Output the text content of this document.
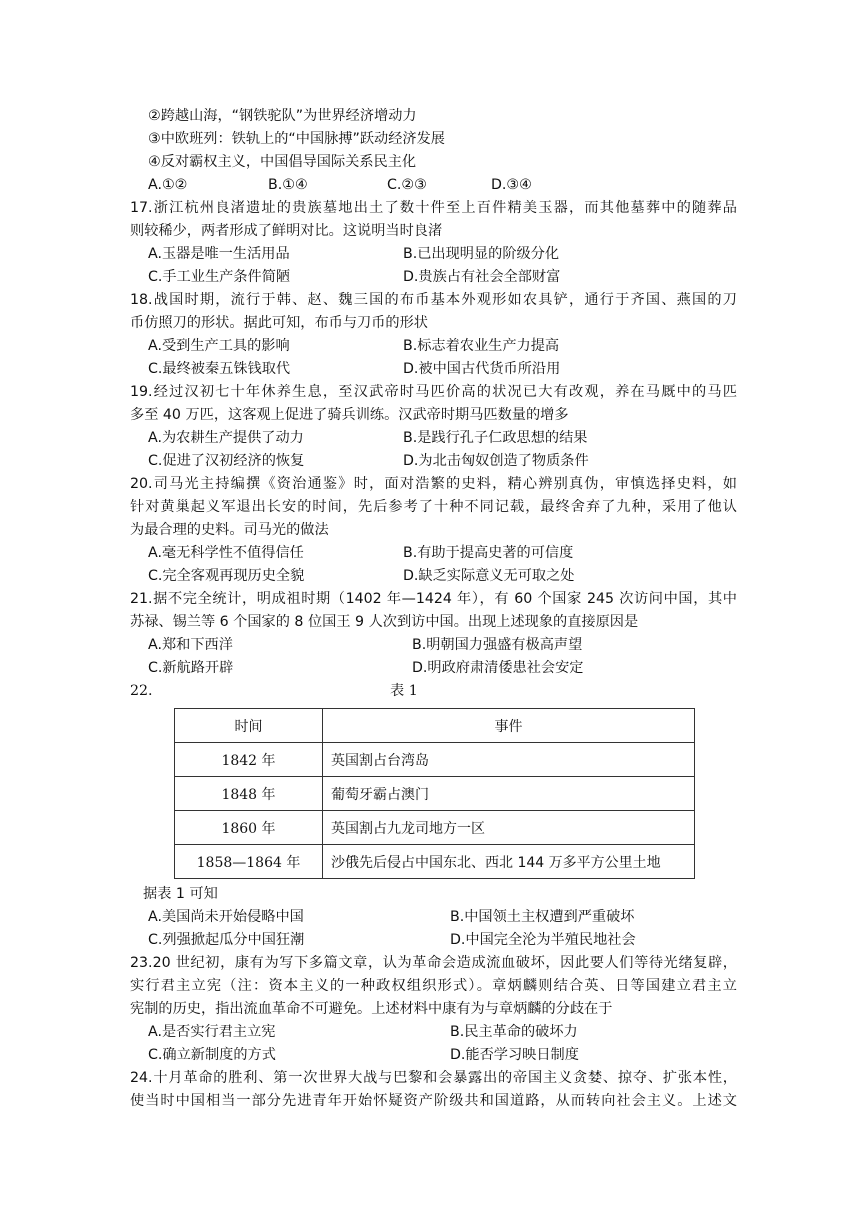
②跨越山海，“钢铁驼队”为世界经济增动力
③中欧班列：铁轨上的“中国脉搏”跃动经济发展
④反对霸权主义，中国倡导国际关系民主化
A.①②	B.①④	C.②③	D.③④
17.浙江杭州良渚遗址的贵族墓地出土了数十件至上百件精美玉器，而其他墓葬中的随葬品
则较稀少，两者形成了鲜明对比。这说明当时良渚
A.玉器是唯一生活用品	B.已出现明显的阶级分化
C.手工业生产条件简陋	D.贵族占有社会全部财富
18.战国时期，流行于韩、赵、魏三国的布币基本外观形如农具铲，通行于齐国、燕国的刀
币仿照刀的形状。据此可知，布币与刀币的形状
A.受到生产工具的影响	B.标志着农业生产力提高
C.最终被秦五铢钱取代	D.被中国古代货币所沿用
19.经过汉初七十年休养生息，至汉武帝时马匹价高的状况已大有改观，养在马厩中的马匹
多至 40 万匹，这客观上促进了骑兵训练。汉武帝时期马匹数量的增多
A.为农耕生产提供了动力	B.是践行孔子仁政思想的结果
C.促进了汉初经济的恢复	D.为北击匈奴创造了物质条件
20.司马光主持编撰《资治通鉴》时，面对浩繁的史料，精心辨别真伪，审慎选择史料，如
针对黄巢起义军退出长安的时间，先后参考了十种不同记载，最终舍弃了九种，采用了他认
为最合理的史料。司马光的做法
A.毫无科学性不值得信任	B.有助于提高史著的可信度
C.完全客观再现历史全貌	D.缺乏实际意义无可取之处
21.据不完全统计，明成祖时期（1402 年—1424 年），有 60 个国家 245 次访问中国，其中
苏禄、锡兰等 6 个国家的 8 位国王 9 人次到访中国。出现上述现象的直接原因是
A.郑和下西洋	B.明朝国力强盛有极高声望
C.新航路开辟	D.明政府肃清倭患社会安定
22.	表 1
时间	事件
1842 年	英国割占台湾岛
1848 年	葡萄牙霸占澳门
1860 年	英国割占九龙司地方一区
1858—1864 年	沙俄先后侵占中国东北、西北 144 万多平方公里土地
据表 1 可知
A.美国尚未开始侵略中国	B.中国领土主权遭到严重破坏
C.列强掀起瓜分中国狂潮	D.中国完全沦为半殖民地社会
23.20 世纪初，康有为写下多篇文章，认为革命会造成流血破坏，因此要人们等待光绪复辟，
实行君主立宪（注：资本主义的一种政权组织形式）。章炳麟则结合英、日等国建立君主立
宪制的历史，指出流血革命不可避免。上述材料中康有为与章炳麟的分歧在于
A.是否实行君主立宪	B.民主革命的破坏力
C.确立新制度的方式	D.能否学习映日制度
24.十月革命的胜利、第一次世界大战与巴黎和会暴露出的帝国主义贪婪、掠夺、扩张本性，
使当时中国相当一部分先进青年开始怀疑资产阶级共和国道路，从而转向社会主义。上述文
